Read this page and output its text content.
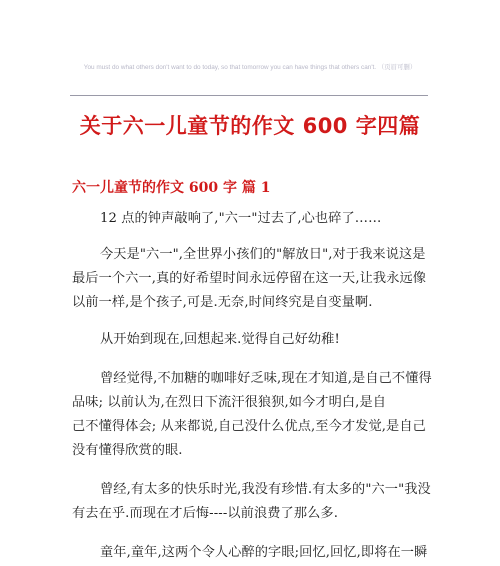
You must do what others don't want to do today, so that tomorrow you can have things that others can't. （页眉可删）
关于六一儿童节的作文 600 字四篇
六一儿童节的作文 600 字 篇 1
12 点的钟声敲响了,"六一"过去了,心也碎了……
今天是"六一",全世界小孩们的"解放日",对于我来说这是
最后一个六一,真的好希望时间永远停留在这一天,让我永远像
以前一样,是个孩子,可是.无奈,时间终究是自变量啊.
从开始到现在,回想起来.觉得自己好幼稚!
曾经觉得,不加糖的咖啡好乏味,现在才知道,是自己不懂得
品味; 以前认为,在烈日下流汗很狼狈,如今才明白,是自
己不懂得体会; 从来都说,自己没什么优点,至今才发觉,是自己
没有懂得欣赏的眼.
曾经,有太多的快乐时光,我没有珍惜.有太多的"六一"我没
有去在乎.而现在才后悔----以前浪费了那么多.
童年,童年,这两个令人心醉的字眼;回忆,回忆,即将在一瞬
